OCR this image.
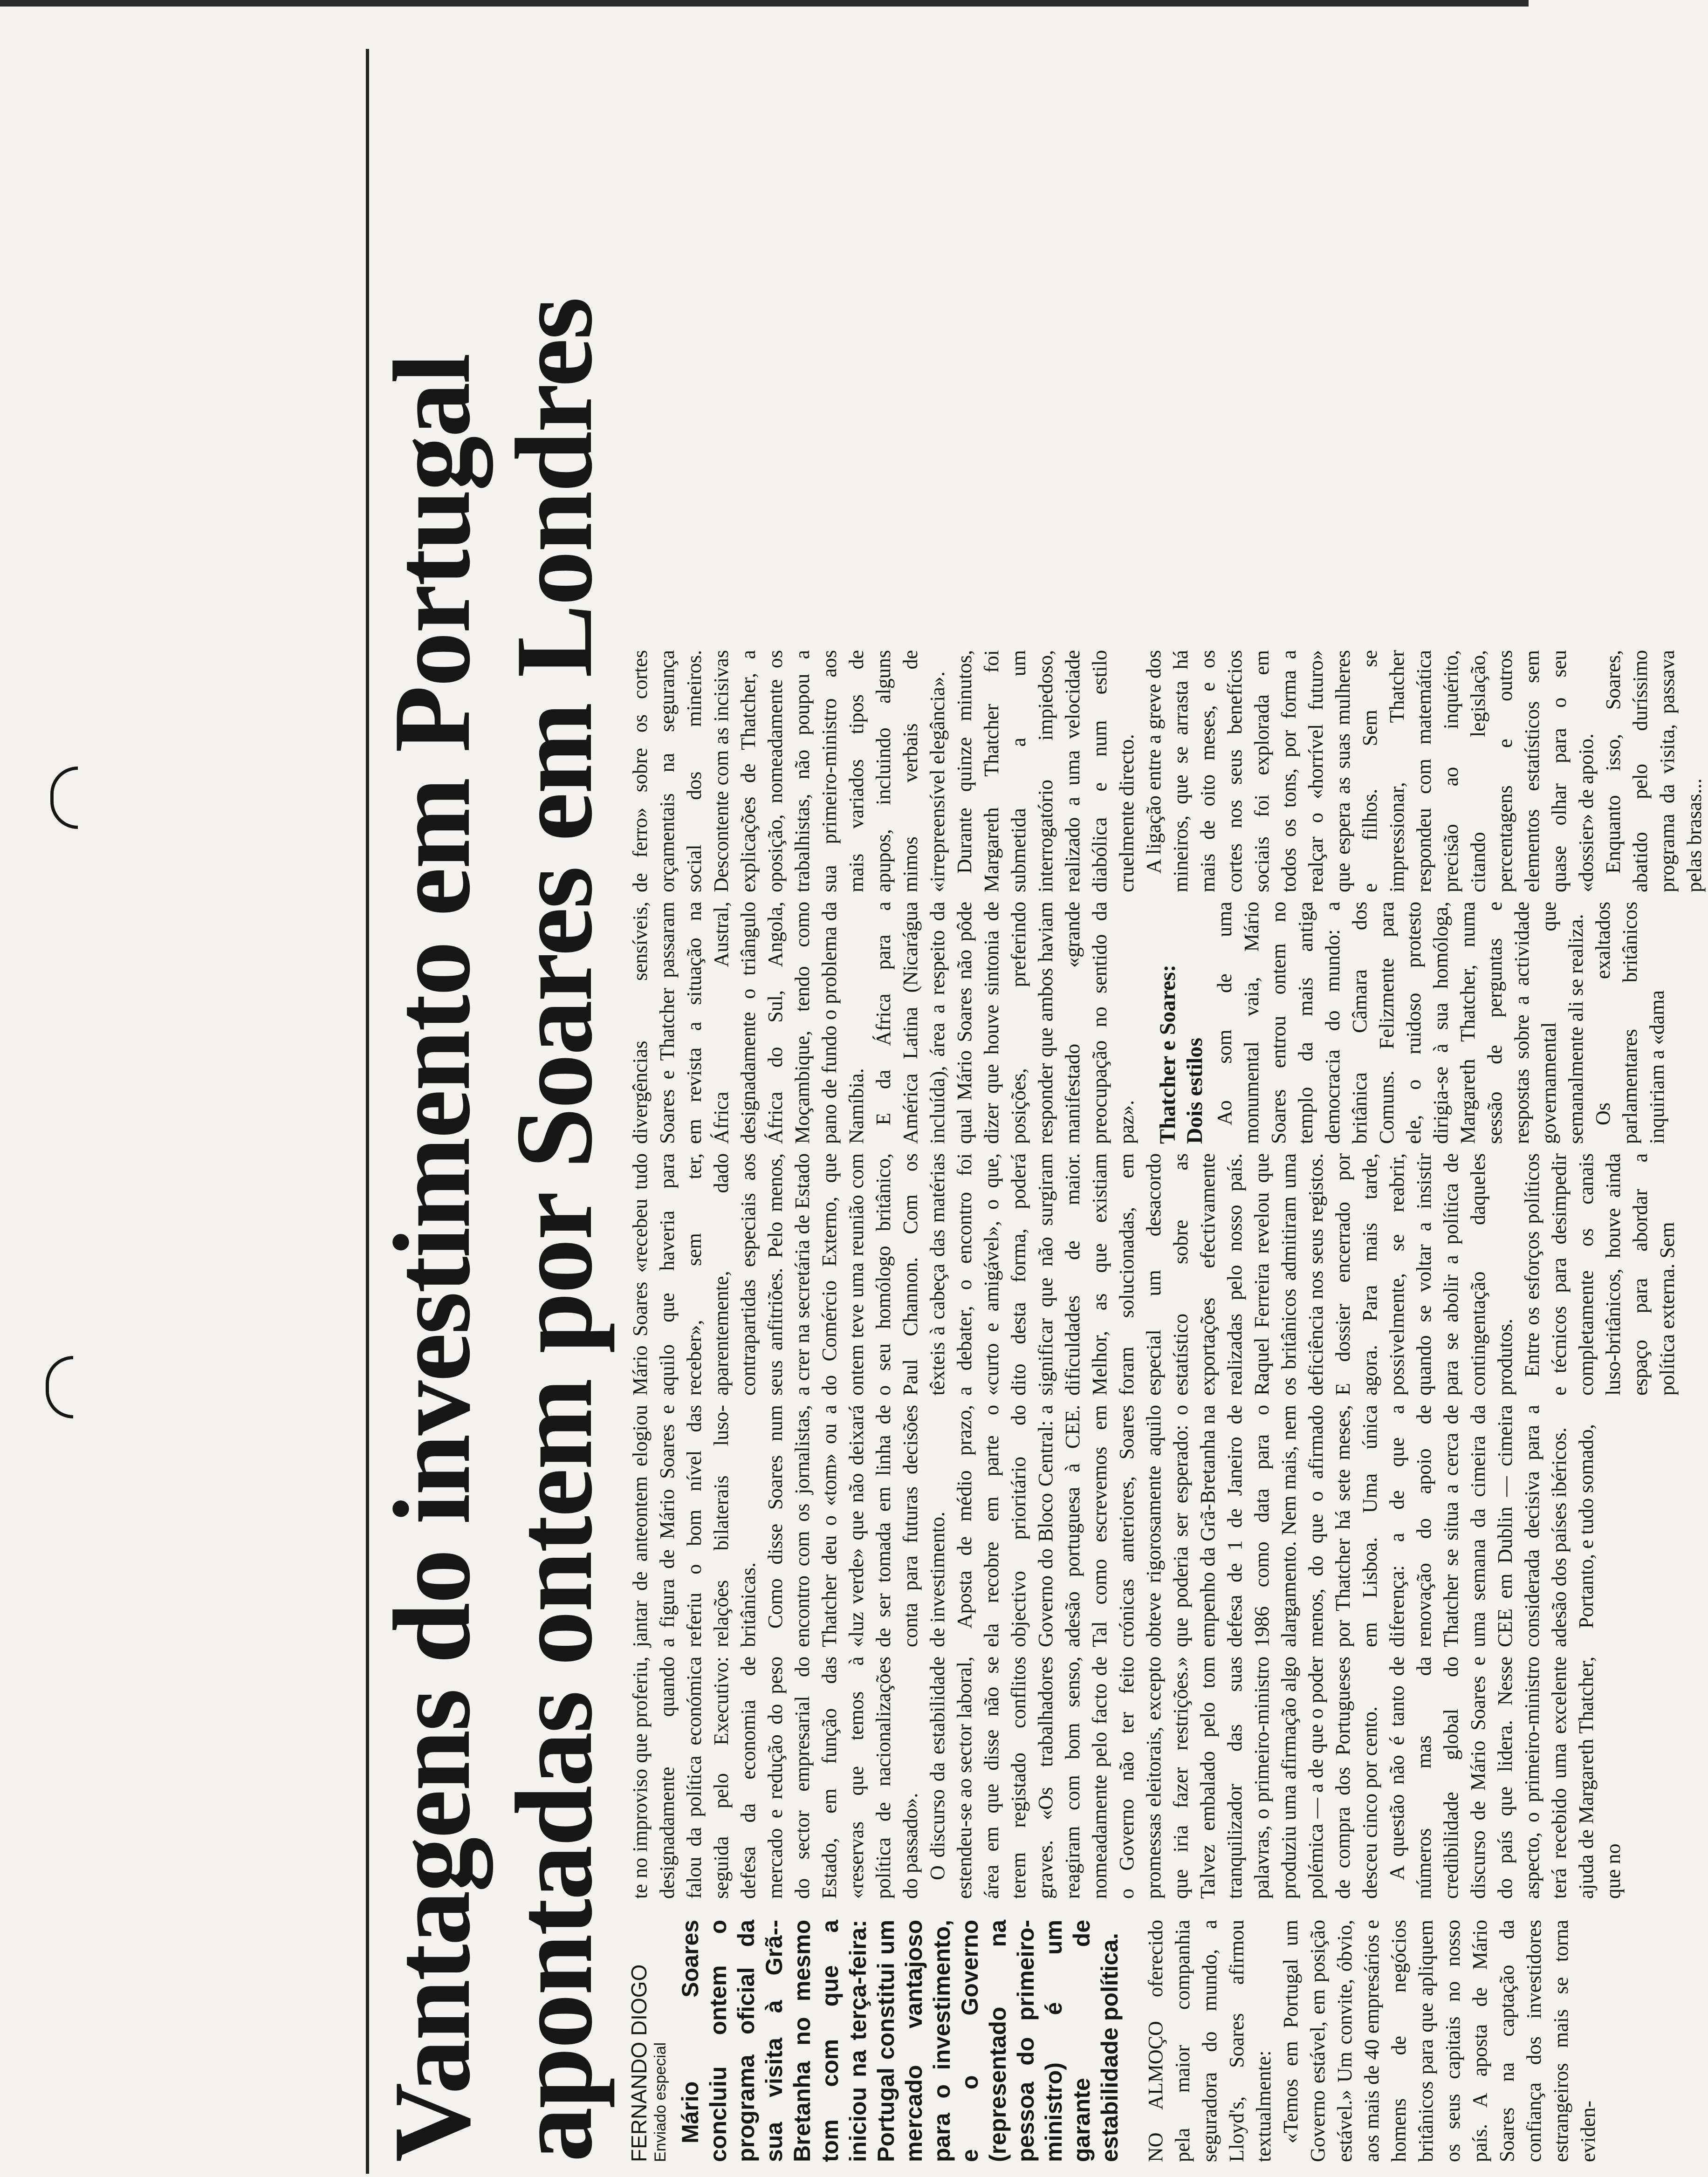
Vantagens do investimento em Portugal apontadas ontem por Soares em Londres FERNANDO DIOGO Enviado especial Mário Soares concluiu ontem o programa oficial da sua visita à Grã--Bretanha no mesmo tom com que a iniciou na terça-feira: Portugal constitui um mercado vantajoso para o investimento, e o Governo (representado na pessoa do primeiro-ministro) é um garante de estabilidade política. NO ALMOÇO oferecido pela maior companhia seguradora do mundo, a Lloyd's, Soares afirmou textualmente: «Temos em Portugal um Governo estável, em posição estável.» Um convite, óbvio, aos mais de 40 empresários e homens de negócios britânicos para que apliquem os seus capitais no nosso país. A aposta de Mário Soares na captação da confiança dos investidores estrangeiros mais se torna eviden-

te no improviso que proferiu, designadamente quando falou da política económica seguida pelo Executivo: defesa da economia de mercado e redução do peso do sector empresarial do Estado, em função das «reservas que temos à política de nacionalizações do passado». O discurso da estabilidade estendeu-se ao sector laboral, área em que disse não se terem registado conflitos graves. «Os trabalhadores reagiram com bom senso, nomeadamente pelo facto de o Governo não ter feito promessas eleitorais, excepto que iria fazer restrições.» Talvez embalado pelo tom tranquilizador das suas palavras, o primeiro-ministro produziu uma afirmação algo polémica — a de que o poder de compra dos Portugueses desceu cinco por cento. A questão não é tanto de números mas da credibilidade global do discurso de Mário Soares e do país que lidera. Nesse aspecto, o primeiro-ministro terá recebido uma excelente ajuda de Margareth Thatcher, que no

jantar de anteontem elogiou a figura de Mário Soares e referiu o bom nível das relações bilaterais luso-britânicas. Como disse Soares num encontro com os jornalistas, Thatcher deu o «tom» ou a «luz verde» que não deixará de ser tomada em linha de conta para futuras decisões de investimento. Aposta de médio prazo, ela recobre em parte o objectivo prioritário do Governo do Bloco Central: a adesão portuguesa à CEE. Tal como escrevemos em crónicas anteriores, Soares obteve rigorosamente aquilo que poderia ser esperado: o empenho da Grã-Bretanha na defesa de 1 de Janeiro de 1986 como data para o alargamento. Nem mais, nem menos, do que o afirmado por Thatcher há sete meses, em Lisboa. Uma única diferença: a de que a renovação do apoio de Thatcher se situa a cerca de uma semana da cimeira da CEE em Dublin — cimeira considerada decisiva para a adesão dos países ibéricos. Portanto, e tudo somado,

Mário Soares «recebeu tudo aquilo que haveria para receber», sem ter, aparentemente, dado contrapartidas especiais aos seus anfitriões. Pelo menos, a crer na secretária de Estado do Comércio Externo, que ontem teve uma reunião com o seu homólogo britânico, Paul Channon. Com os têxteis à cabeça das matérias a debater, o encontro foi «curto e amigável», o que, dito desta forma, poderá significar que não surgiram dificuldades de maior. Melhor, as que existiam foram solucionadas, em especial um desacordo estatístico sobre as exportações efectivamente realizadas pelo nosso país. Raquel Ferreira revelou que os britânicos admitiram uma deficiência nos seus registos. E dossier encerrado por agora. Para mais tarde, possivelmente, se reabrir, quando se voltar a insistir para se abolir a política de contingentação daqueles produtos. Entre os esforços políticos e técnicos para desimpedir completamente os canais luso-britânicos, houve ainda espaço para abordar a política externa. Sem

divergências sensíveis, Soares e Thatcher passaram em revista a situação na África Austral, designadamente o triângulo África do Sul, Angola, Moçambique, tendo como pano de fundo o problema da Namíbia. E da África para a América Latina (Nicarágua incluída), área a respeito da qual Mário Soares não pôde dizer que houve sintonia de posições, preferindo responder que ambos haviam manifestado «grande preocupação no sentido da paz». Thatcher e Soares: Dois estilos Ao som de uma monumental vaia, Mário Soares entrou ontem no templo da mais antiga democracia do mundo: a britânica Câmara dos Comuns. Felizmente para ele, o ruidoso protesto dirigia-se à sua homóloga, Margareth Thatcher, numa sessão de perguntas e respostas sobre a actividade governamental que semanalmente ali se realiza. Os exaltados parlamentares britânicos inquiriam a «dama

de ferro» sobre os cortes orçamentais na segurança social dos mineiros. Descontente com as incisivas explicações de Thatcher, a oposição, nomeadamente os trabalhistas, não poupou a sua primeiro-ministro aos mais variados tipos de apupos, incluindo alguns mimos verbais de «irrepreensível elegância». Durante quinze minutos, Margareth Thatcher foi submetida a um interrogatório impiedoso, realizado a uma velocidade diabólica e num estilo cruelmente directo. A ligação entre a greve dos mineiros, que se arrasta há mais de oito meses, e os cortes nos seus benefícios sociais foi explorada em todos os tons, por forma a realçar o «horrível futuro» que espera as suas mulheres e filhos. Sem se impressionar, Thatcher respondeu com matemática precisão ao inquérito, citando legislação, percentagens e outros elementos estatísticos sem quase olhar para o seu «dossier» de apoio. Enquanto isso, Soares, abatido pelo duríssimo programa da visita, passava pelas brasas...
